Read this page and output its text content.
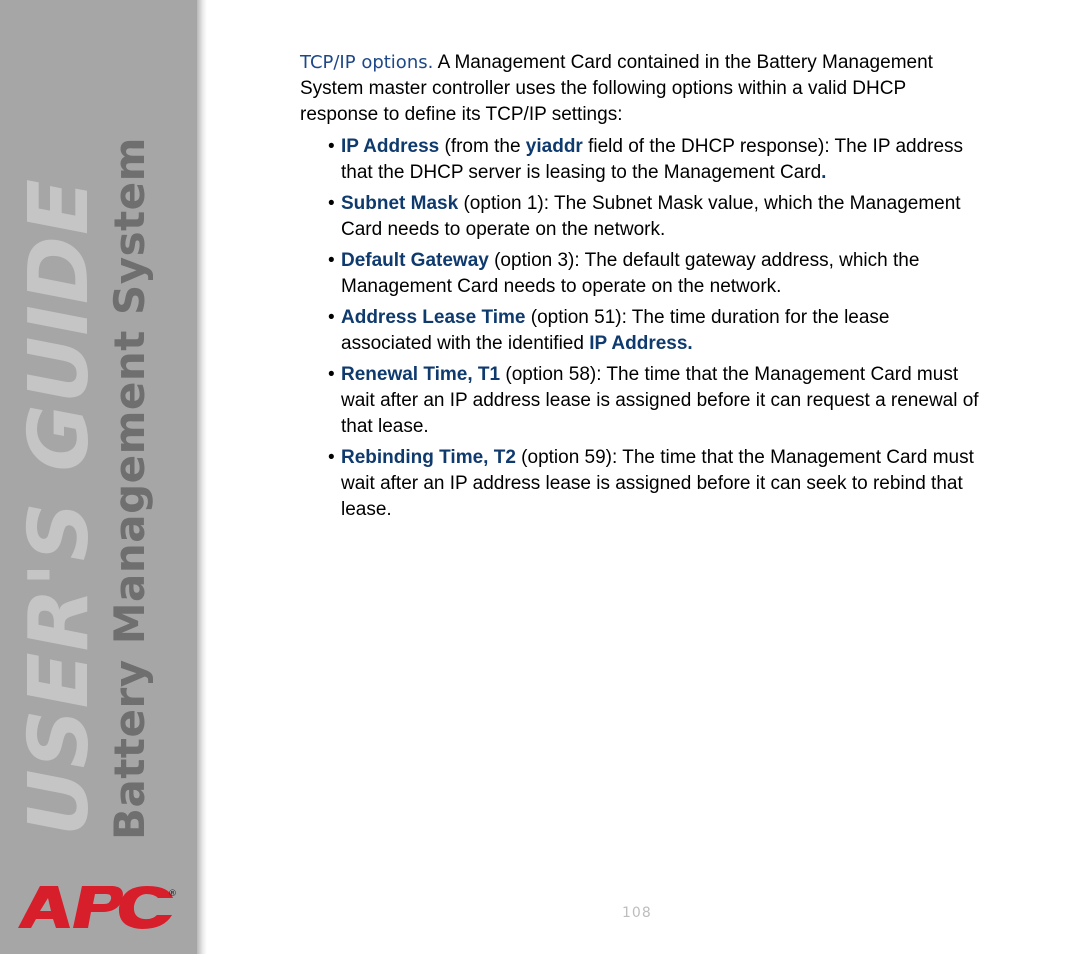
USER'S GUIDE
Battery Management System
®

TCP/IP options. A Management Card contained in the Battery Management System master controller uses the following options within a valid DHCP response to define its TCP/IP settings:

• IP Address (from the yiaddr field of the DHCP response): The IP address that the DHCP server is leasing to the Management Card.
• Subnet Mask (option 1): The Subnet Mask value, which the Management Card needs to operate on the network.
• Default Gateway (option 3): The default gateway address, which the Management Card needs to operate on the network.
• Address Lease Time (option 51): The time duration for the lease associated with the identified IP Address.
• Renewal Time, T1 (option 58): The time that the Management Card must wait after an IP address lease is assigned before it can request a renewal of that lease.
• Rebinding Time, T2 (option 59): The time that the Management Card must wait after an IP address lease is assigned before it can seek to rebind that lease.
108
